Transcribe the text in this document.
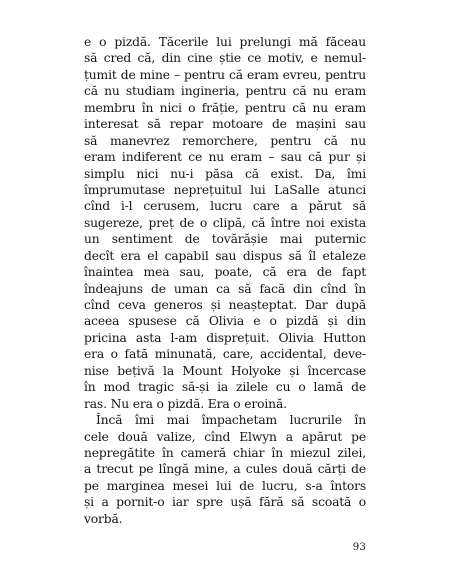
e o pizdă. Tăcerile lui prelungi mă făceau
să cred că, din cine știe ce motiv, e nemul-
țumit de mine – pentru că eram evreu, pentru
că nu studiam ingineria, pentru că nu eram
membru în nici o frăție, pentru că nu eram
interesat să repar motoare de mașini sau
să manevrez remorchere, pentru că nu
eram indiferent ce nu eram – sau că pur și
simplu nici nu-i păsa că exist. Da, îmi
împrumutase neprețuitul lui LaSalle atunci
cînd i-l cerusem, lucru care a părut să
sugereze, preț de o clipă, că între noi exista
un sentiment de tovărășie mai puternic
decît era el capabil sau dispus să îl etaleze
înaintea mea sau, poate, că era de fapt
îndeajuns de uman ca să facă din cînd în
cînd ceva generos și neașteptat. Dar după
aceea spusese că Olivia e o pizdă și din
pricina asta l-am disprețuit. Olivia Hutton
era o fată minunată, care, accidental, deve-
nise bețivă la Mount Holyoke și încercase
în mod tragic să-și ia zilele cu o lamă de
ras. Nu era o pizdă. Era o eroină.
Încă îmi mai împachetam lucrurile în
cele două valize, cînd Elwyn a apărut pe
nepregătite în cameră chiar în miezul zilei,
a trecut pe lîngă mine, a cules două cărți de
pe marginea mesei lui de lucru, s-a întors
și a pornit-o iar spre ușă fără să scoată o
vorbă.
93
